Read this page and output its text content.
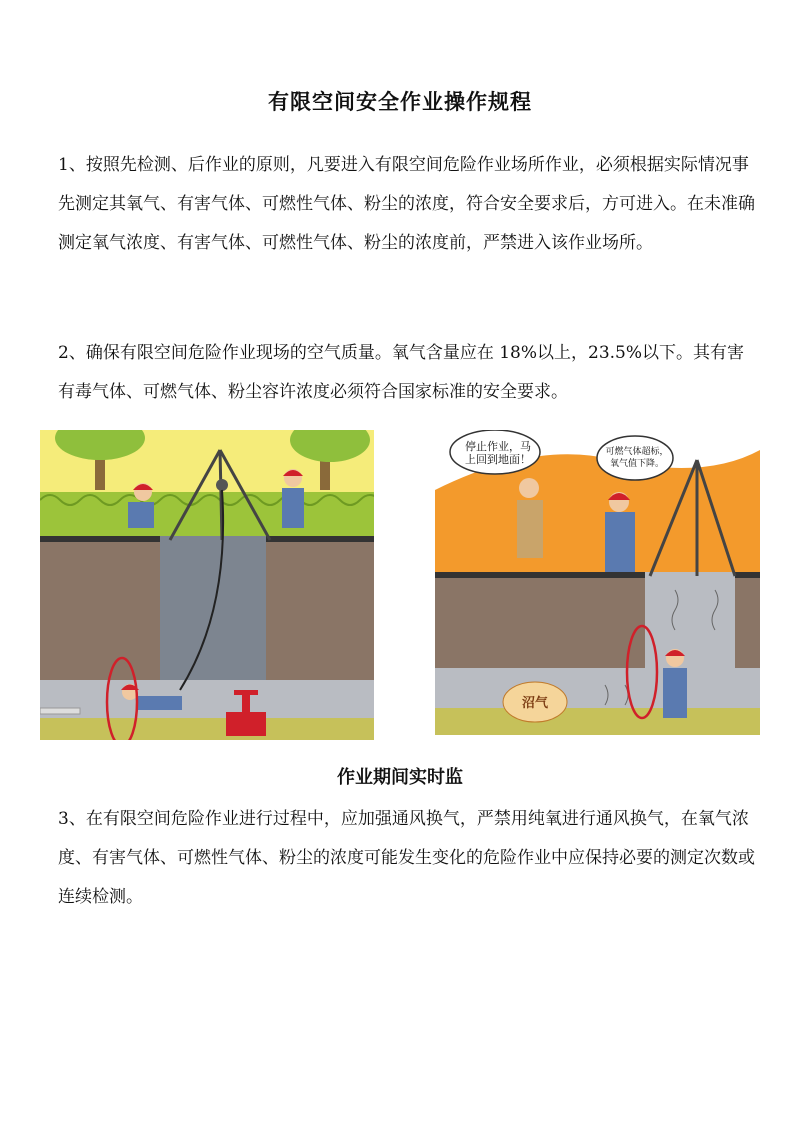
有限空间安全作业操作规程

1、按照先检测、后作业的原则，凡要进入有限空间危险作业场所作业，必须根据实际情况事先测定其氧气、有害气体、可燃性气体、粉尘的浓度，符合安全要求后，方可进入。在未准确测定氧气浓度、有害气体、可燃性气体、粉尘的浓度前，严禁进入该作业场所。

2、确保有限空间危险作业现场的空气质量。氧气含量应在 18%以上，23.5%以下。其有害有毒气体、可燃气体、粉尘容许浓度必须符合国家标准的安全要求。

停止作业，马
上回到地面！
可燃气体超标，
氧气值下降。
沼气
作业期间实时监

3、在有限空间危险作业进行过程中，应加强通风换气，严禁用纯氧进行通风换气，在氧气浓度、有害气体、可燃性气体、粉尘的浓度可能发生变化的危险作业中应保持必要的测定次数或连续检测。
